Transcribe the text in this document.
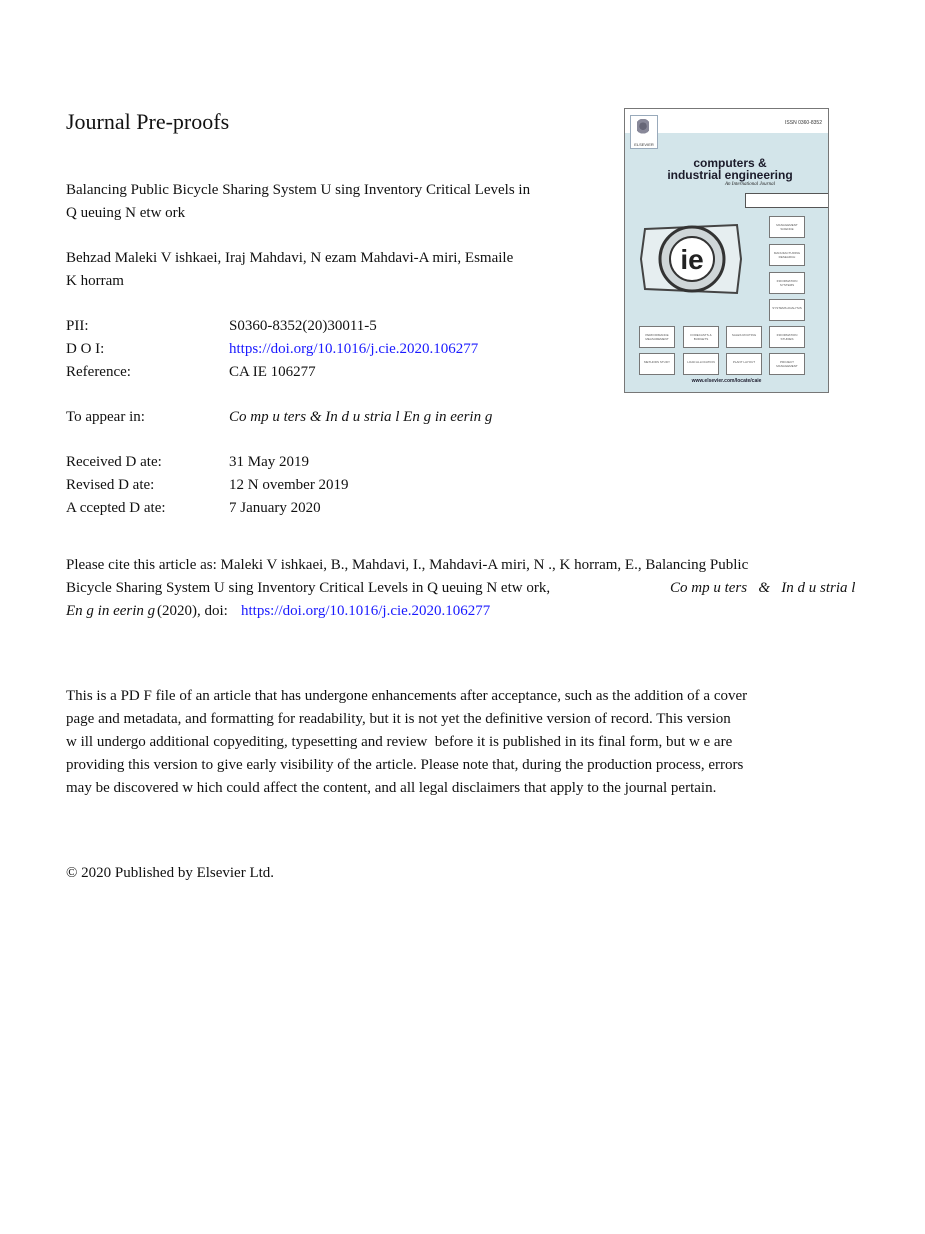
Journal Pre-proofs
Balancing Public Bicycle Sharing System U sing Inventory Critical Levels in
Q ueuing N etw ork
Behzad Maleki V ishkaei, Iraj Mahdavi, N ezam Mahdavi-A miri, Esmaile
K horram
PII:	S0360-8352(20)30011-5
D O I:	https://doi.org/10.1016/j.cie.2020.106277
Reference:	CA IE 106277
To appear in:	Co mp u ters & In d u stria l En g in eerin g
Received D ate:	31 May 2019
Revised D ate:	12 N ovember 2019
A ccepted D ate:	7 January 2020
Please cite this article as: Maleki V ishkaei, B., Mahdavi, I., Mahdavi-A miri, N ., K horram, E., Balancing Public
Bicycle Sharing System U sing Inventory Critical Levels in Q ueuing N etw ork,	Co mp u ters   &   In d u stria l
En g in eerin g (2020), doi: https://doi.org/10.1016/j.cie.2020.106277
This is a PD F file of an article that has undergone enhancements after acceptance, such as the addition of a cover
page and metadata, and formatting for readability, but it is not yet the definitive version of record. This version
w ill undergo additional copyediting, typesetting and review  before it is published in its final form, but w e are
providing this version to give early visibility of the article. Please note that, during the production process, errors
may be discovered w hich could affect the content, and all legal disclaimers that apply to the journal pertain.
© 2020 Published by Elsevier Ltd.
ISSN 0360-8352
ELSEVIER
computers &
industrial engineering
An International Journal
ie
MANAGEMENT SCIENCE
MANUFACTURING RESEARCH
INFORMATION SYSTEMS
SYSTEMS ANALYSIS
PERFORMANCE MEASUREMENT
FORECASTS & BUDGETS
SALES ROUTING	INFORMATION STUDIES
METHODS STUDY	LOAD ALLOCATION	PLANT LAYOUT	PROJECT MANAGEMENT
www.elsevier.com/locate/caie
